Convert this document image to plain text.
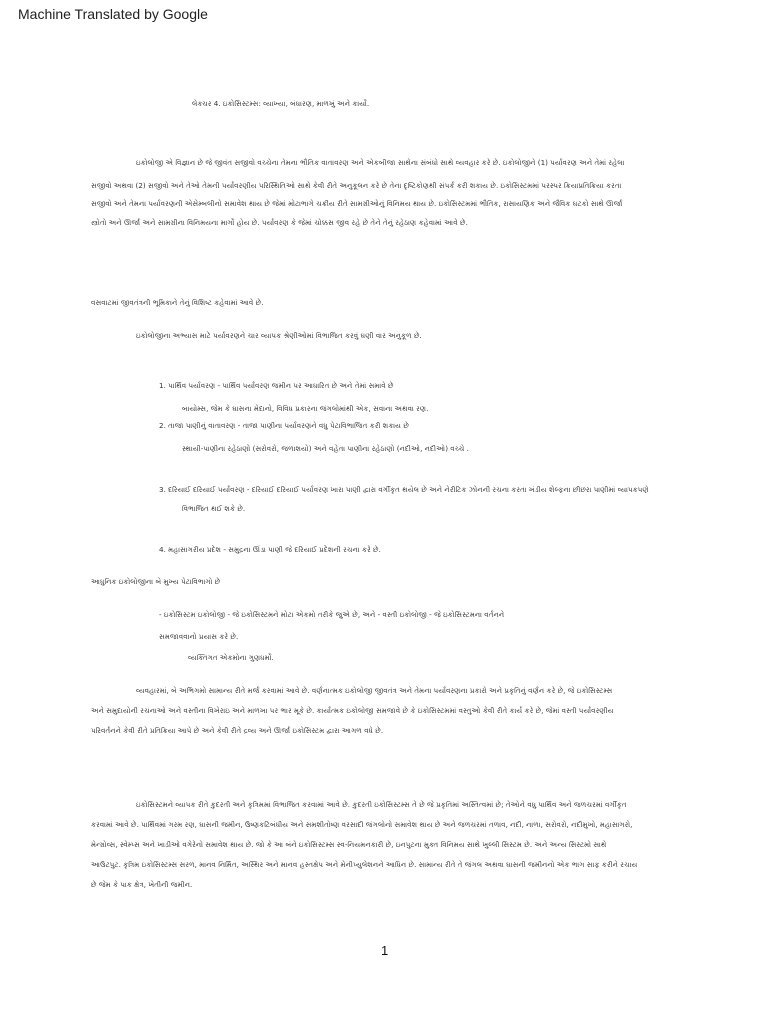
Machine Translated by Google
લેક્ચર 4. ઇકોસિસ્ટમ્સ: વ્યાખ્યા, બંધારણ, માળખું અને કાર્યો.
ઇકોલોજી એ વિજ્ઞાન છે જે જીવંત સજીવો વચ્ચેના તેમના ભૌતિક વાતાવરણ અને એકબીજા સાથેના સંબંધો સાથે વ્યવહાર કરે છે. ઇકોલોજીને (1) પર્યાવરણ અને તેમાં રહેલા
સજીવો અથવા (2) સજીવો અને તેઓ તેમની પર્યાવરણીય પરિસ્થિતિઓ સાથે કેવી રીતે અનુકૂલન કરે છે તેના દૃષ્ટિકોણથી સંપર્ક કરી શકાય છે. ઇકોસિસ્ટમમાં પરસ્પર ક્રિયાપ્રતિક્રિયા કરતા
સજીવો અને તેમના પર્યાવરણની એસેમ્બલીનો સમાવેશ થાય છે જેમાં મોટાભાગે ચક્રીય રીતે સામગ્રીઓનું વિનિમય થાય છે. ઇકોસિસ્ટમમાં ભૌતિક, રાસાયણિક અને જૈવિક ઘટકો સાથે ઊર્જા
સ્ત્રોતો અને ઊર્જા અને સામગ્રીના વિનિમયના માર્ગો હોય છે. પર્યાવરણ કે જેમાં ચોક્કસ જીવ રહે છે તેને તેનું રહેઠાણ કહેવામાં આવે છે.
વસવાટમાં જીવતંત્રની ભૂમિકાને તેનું વિશિષ્ટ કહેવામાં આવે છે.
ઇકોલોજીના અભ્યાસ માટે પર્યાવરણને ચાર વ્યાપક શ્રેણીઓમાં વિભાજિત કરવું ઘણી વાર અનુકૂળ છે.
1. પાર્થિવ પર્યાવરણ - પાર્થિવ પર્યાવરણ જમીન પર આધારિત છે અને તેમાં સમાવે છે
બાયોમ્સ, જેમ કે ઘાસના મેદાનો, વિવિધ પ્રકારના જંગલોમાંથી એક, સવાના અથવા રણ.
2. તાજા પાણીનું વાતાવરણ - તાજા પાણીના પર્યાવરણને વધુ પેટાવિભાજિત કરી શકાય છે
સ્થાયી-પાણીના રહેઠાણો (સરોવરો, જળાશયો) અને વહેતા પાણીના રહેઠાણો (નદીઓ, નદીઓ) વચ્ચે .
3. દરિયાઈ દરિયાઈ પર્યાવરણ - દરિયાઈ દરિયાઈ પર્યાવરણ ખારા પાણી દ્વારા વર્ગીકૃત થયેલ છે અને નેરીટિક ઝોનની રચના કરતા ખંડીય શેલ્ફના છીછરા પાણીમાં વ્યાપકપણે
વિભાજિત થઈ શકે છે.
4. મહાસાગરીય પ્રદેશ - સમુદ્રના ઊંડા પાણી જે દરિયાઈ પ્રદેશની રચના કરે છે.
આધુનિક ઇકોલોજીના બે મુખ્ય પેટાવિભાગો છે
- ઇકોસિસ્ટમ ઇકોલોજી - જે ઇકોસિસ્ટમને મોટા એકમો તરીકે જુએ છે, અને - વસ્તી ઇકોલોજી - જે ઇકોસિસ્ટમના વર્તનને
સમજાવવાનો પ્રયાસ કરે છે.
વ્યક્તિગત એકમોના ગુણધર્મો.
વ્યવહારમાં, બે અભિગમો સામાન્ય રીતે મર્જ કરવામાં આવે છે. વર્ણનાત્મક ઇકોલોજી જીવતંત્ર અને તેમના પર્યાવરણના પ્રકારો અને પ્રકૃતિનું વર્ણન કરે છે, જે ઇકોસિસ્ટમ્સ
અને સમુદાયોની રચનાઓ અને વસ્તીના વિખેરાઇ અને માળખા પર ભાર મૂકે છે. કાર્યાત્મક ઇકોલોજી સમજાવે છે કે ઇકોસિસ્ટમમાં વસ્તુઓ કેવી રીતે કાર્ય કરે છે, જેમાં વસ્તી પર્યાવરણીય
પરિવર્તનને કેવી રીતે પ્રતિક્રિયા આપે છે અને કેવી રીતે દ્રવ્ય અને ઊર્જા ઇકોસિસ્ટમ દ્વારા આગળ વધે છે.
ઇકોસિસ્ટમને વ્યાપક રીતે કુદરતી અને કૃત્રિમમાં વિભાજિત કરવામાં આવે છે. કુદરતી ઇકોસિસ્ટમ્સ તે છે જે પ્રકૃતિમાં અસ્તિત્વમાં છે; તેઓને વધુ પાર્થિવ અને જળચરમાં વર્ગીકૃત
કરવામાં આવે છે. પાર્થિવમાં ગરમ રણ, ઘાસની જમીન, ઉષ્ણકટિબંધીય અને સમશીતોષ્ણ વરસાદી જંગલોનો સમાવેશ થાય છે અને જળચરમાં તળાવ, નદી, નાળા, સરોવરો, નદીમુખો, મહાસાગરો,
મેન્ગ્રોવ્સ, સ્વેમ્પ્સ અને ખાડીઓ વગેરેનો સમાવેશ થાય છે. જો કે આ બંને ઇકોસિસ્ટમ્સ સ્વ-નિયમનકારી છે, ઇનપુટના મુક્ત વિનિમય સાથે ખુલ્લી સિસ્ટમ છે. અને અન્ય સિસ્ટમો સાથે
આઉટપુટ. કૃત્રિમ ઇકોસિસ્ટમ્સ સરળ, માનવ નિર્મિત, અસ્થિર અને માનવ હસ્તક્ષેપ અને મેનીપ્યુલેશનને આધિન છે. સામાન્ય રીતે તે જંગલ અથવા ઘાસની જમીનનો એક ભાગ સાફ કરીને રચાય
છે જેમ કે પાક ક્ષેત્ર, ખેતીની જમીન.
1
